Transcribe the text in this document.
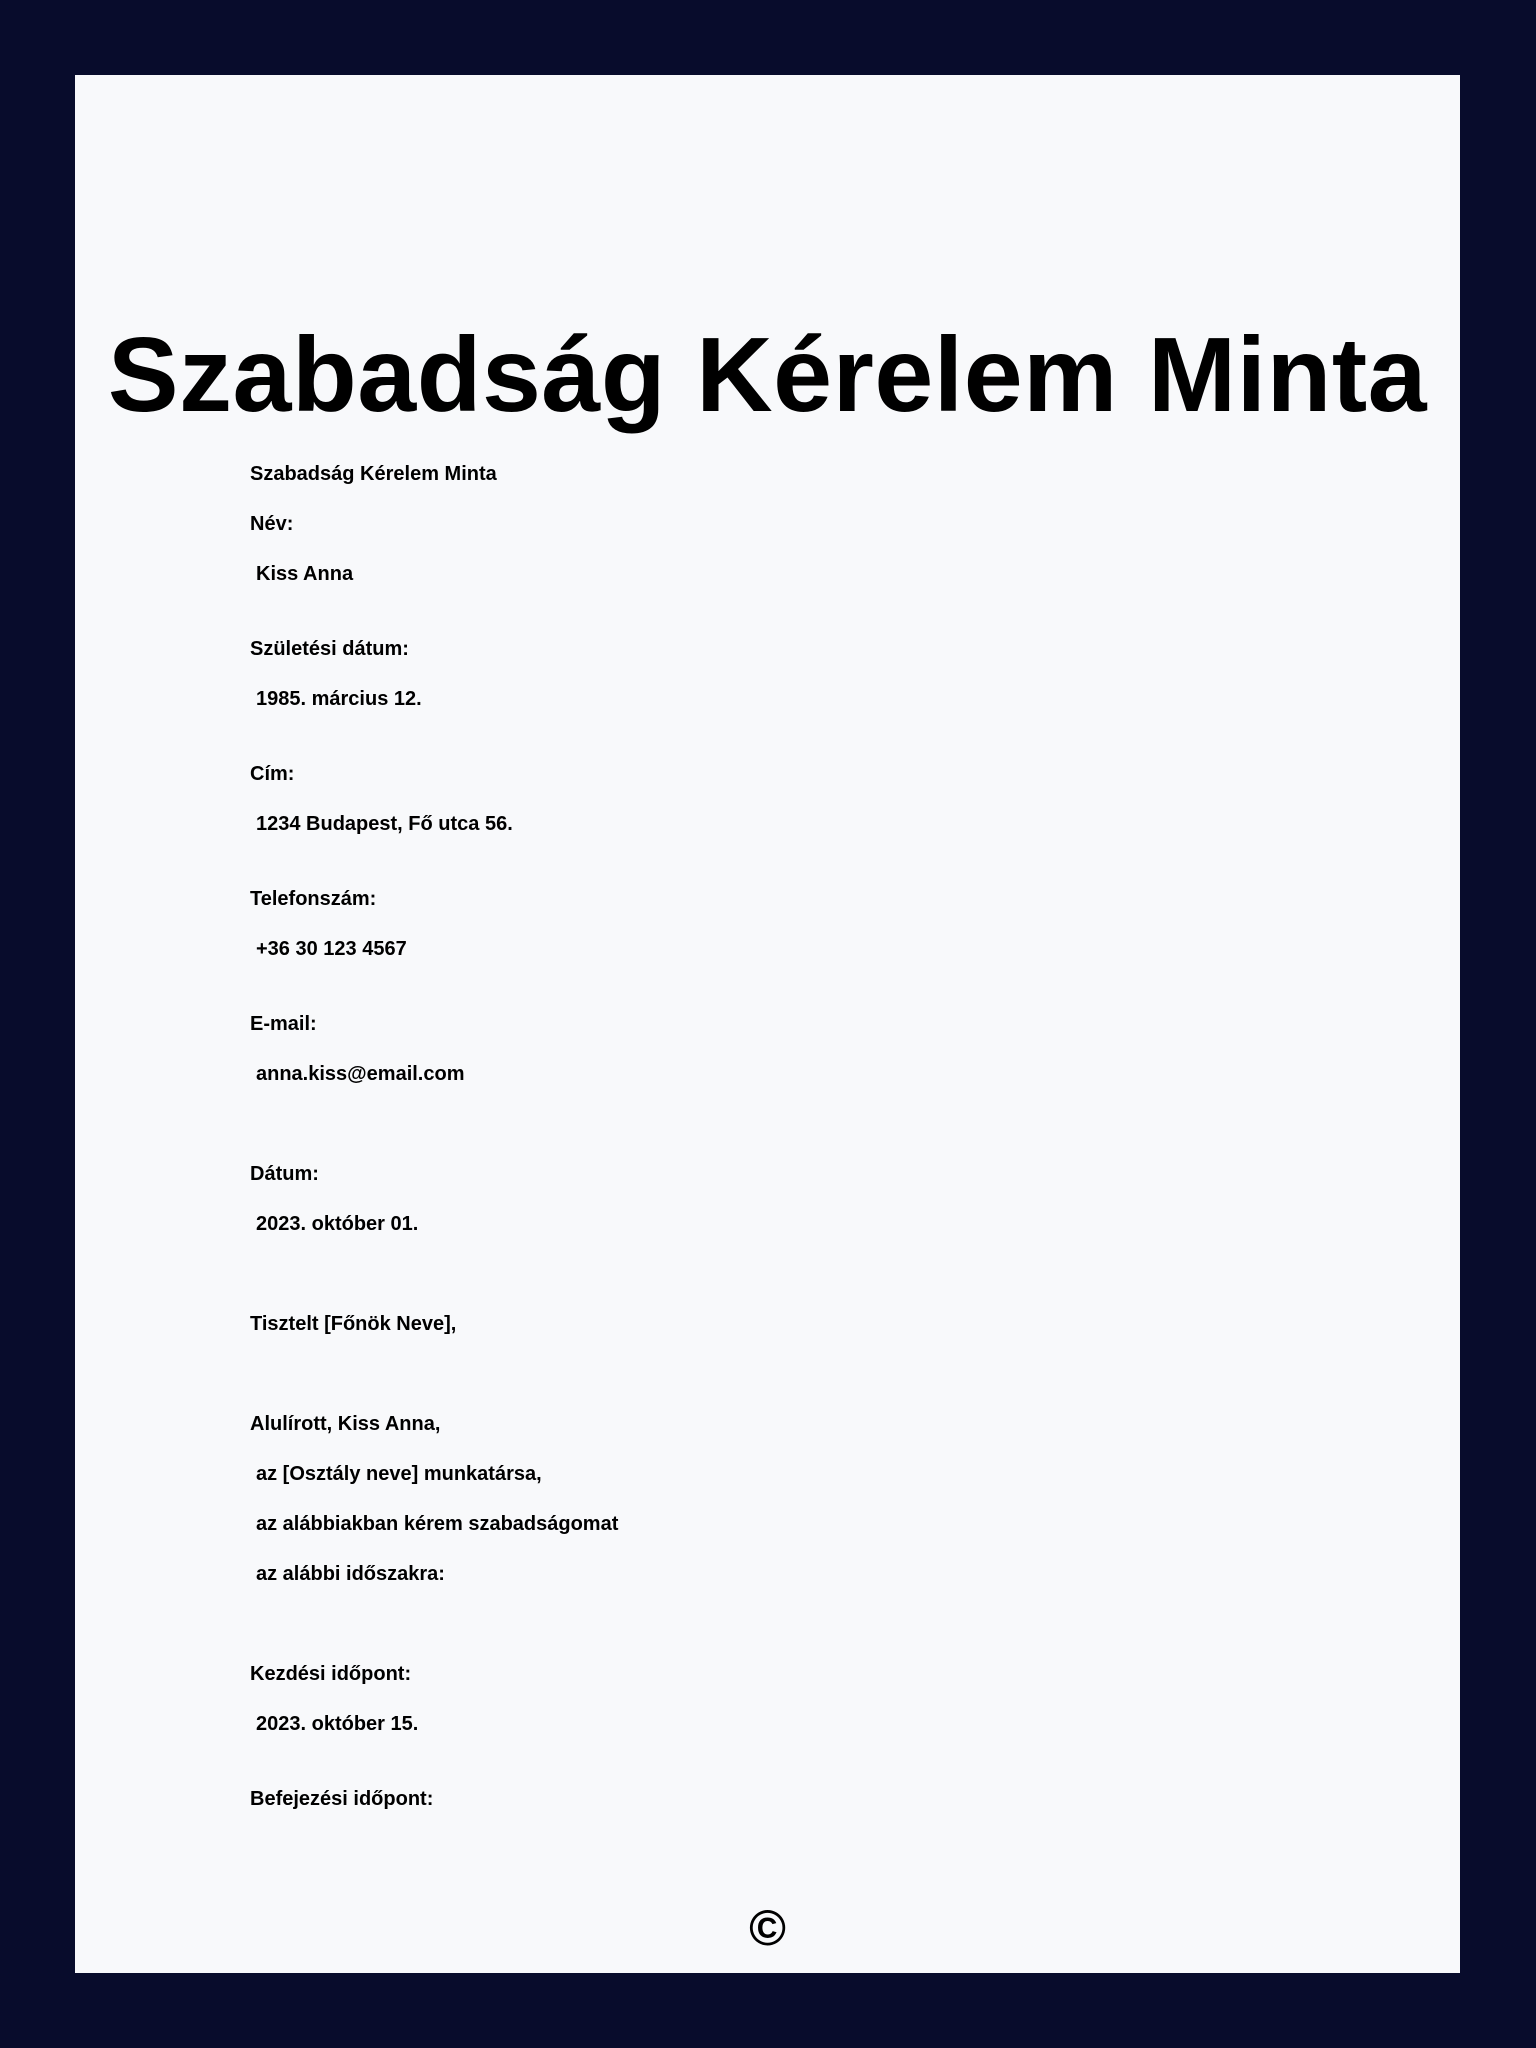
Szabadság Kérelem Minta
Szabadság Kérelem Minta
Név:
Kiss Anna
Születési dátum:
1985. március 12.
Cím:
1234 Budapest, Fő utca 56.
Telefonszám:
+36 30 123 4567
E-mail:
anna.kiss@email.com
Dátum:
2023. október 01.
Tisztelt [Főnök Neve],
Alulírott, Kiss Anna,
az [Osztály neve] munkatársa,
az alábbiakban kérem szabadságomat
az alábbi időszakra:
Kezdési időpont:
2023. október 15.
Befejezési időpont:
©
